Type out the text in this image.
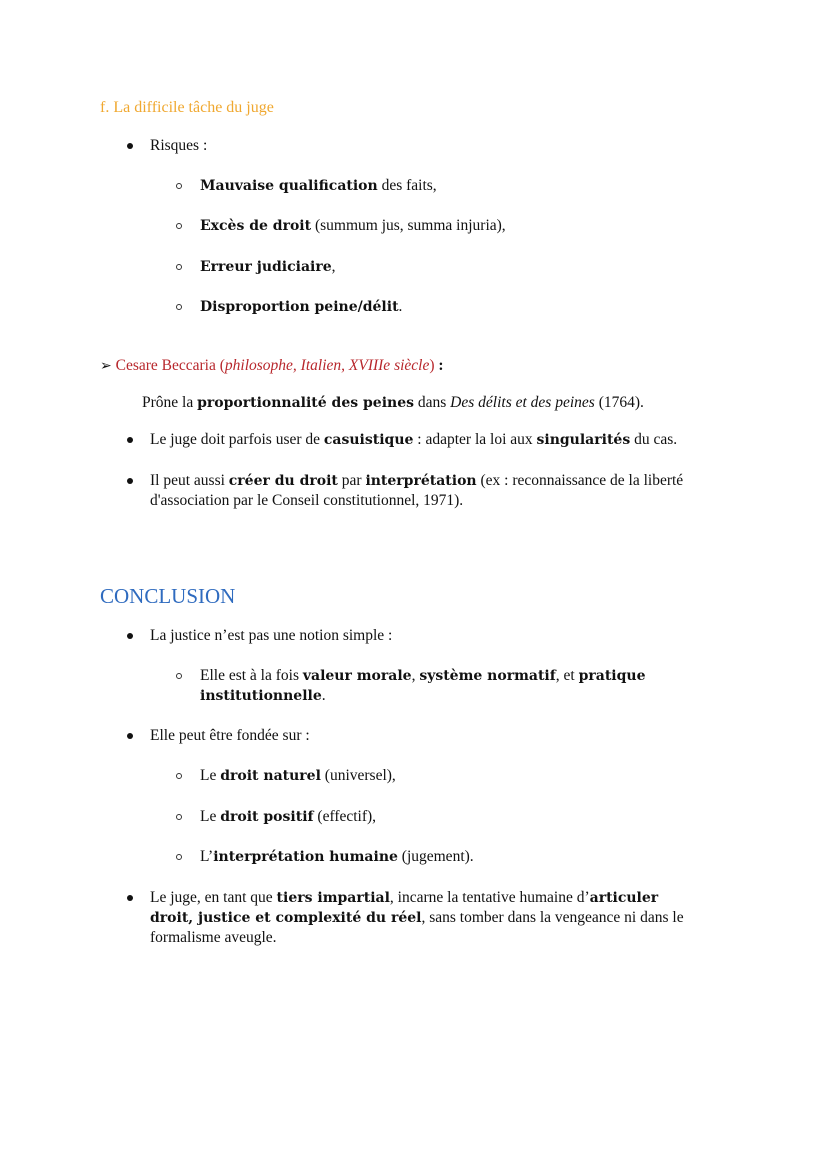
f. La difficile tâche du juge
Risques :
Mauvaise qualification des faits,
Excès de droit (summum jus, summa injuria),
Erreur judiciaire,
Disproportion peine/délit.
➢ Cesare Beccaria (philosophe, Italien, XVIIIe siècle) :
Prône la proportionnalité des peines dans Des délits et des peines (1764).
Le juge doit parfois user de casuistique : adapter la loi aux singularités du cas.
Il peut aussi créer du droit par interprétation (ex : reconnaissance de la liberté
d'association par le Conseil constitutionnel, 1971).
CONCLUSION
La justice n’est pas une notion simple :
Elle est à la fois valeur morale, système normatif, et pratique
institutionnelle.
Elle peut être fondée sur :
Le droit naturel (universel),
Le droit positif (effectif),
L’interprétation humaine (jugement).
Le juge, en tant que tiers impartial, incarne la tentative humaine d’articuler
droit, justice et complexité du réel, sans tomber dans la vengeance ni dans le
formalisme aveugle.
